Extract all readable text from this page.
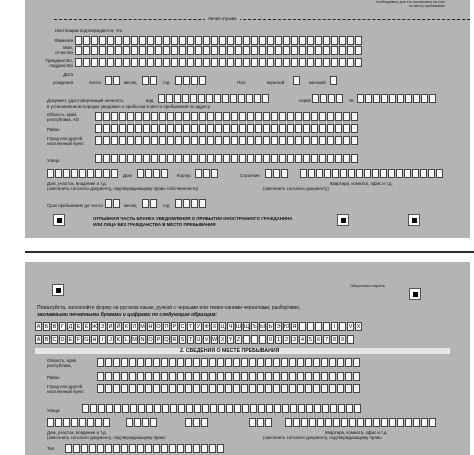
необходимых для его постановки на учет
по месту пребывания
Линия отрыва
Настоящим подтверждается, что
Фамилия
Имя,
отчество
Гражданство,
подданство
Дата
рождения	число	месяц	год	Пол:	мужской	женский
Документ, удостоверяющий личность:	вид	серия	№
в установленном порядке уведомил о прибытии в место пребывания по адресу:
Область, край,
республика, АО
Район
Город или другой
населенный пункт
Улица
Дом	Корпус	Строение
Дом, участок, владение и т.д.
(заполнить согласно документу, подтверждающему право собственности)
Квартира, комната, офис и т.д.
(заполнить согласно документу)
Срок пребывания до: число	месяц	год
ОТРЫВНАЯ ЧАСТЬ БЛАНКА УВЕДОМЛЕНИЯ О ПРИБЫТИИ ИНОСТРАННОГО ГРАЖДАНИНА
ИЛИ ЛИЦА БЕЗ ГРАЖДАНСТВА В МЕСТО ПРЕБЫВАНИЯ
Оборотная сторона
Пожалуйста, заполняйте форму на русском языке, ручкой с черными или темно-синими чернилами, разборчиво,
заглавными печатными буквами и цифрами по следующим образцам:
А Б В Г Д Е Ё Ж З И Й К Л М Н О П Р С Т У Ф Х Ц Ч Ш Щ Ъ Ы Ь Э Ю Я	I	V X
A B C D E F G H I	J K L M N O P Q R S T U V W X Y Z	0 1 2 3 4 5 6 7 8 9
2. СВЕДЕНИЯ О МЕСТЕ ПРЕБЫВАНИЯ
Область, край,
республика,
Район
Город или другой
населенный пункт
Улица
Дом, участок, владение и т.д.
(заполнить согласно документу, подтверждающему право
Квартира, комната, офис и т.д.
(заполнить согласно документу, подтверждающему право
Тел.
